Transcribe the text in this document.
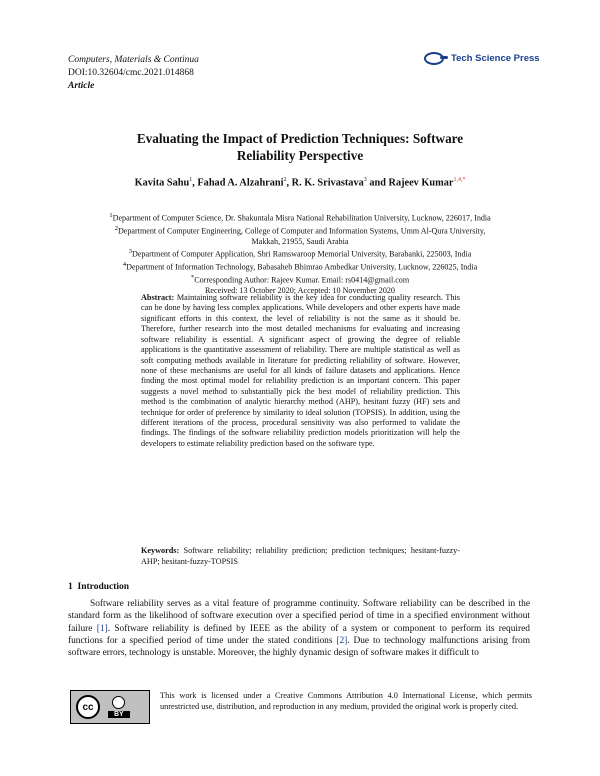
Computers, Materials & Continua
DOI:10.32604/cmc.2021.014868
Article
Tech Science Press
Evaluating the Impact of Prediction Techniques: Software
Reliability Perspective
Kavita Sahu$^1$, Fahad A. Alzahrani$^2$, R. K. Srivastava$^3$ and Rajeev Kumar$^{1,4,*}$
$^1$Department of Computer Science, Dr. Shakuntala Misra National Rehabilitation University, Lucknow, 226017, India
$^2$Department of Computer Engineering, College of Computer and Information Systems, Umm Al-Qura University,
Makkah, 21955, Saudi Arabia
$^3$Department of Computer Application, Shri Ramswaroop Memorial University, Barabanki, 225003, India
$^4$Department of Information Technology, Babasaheb Bhimrao Ambedkar University, Lucknow, 226025, India
*Corresponding Author: Rajeev Kumar. Email: rs0414@gmail.com
Received: 13 October 2020; Accepted: 10 November 2020
Abstract: Maintaining software reliability is the key idea for conducting quality research. This can be done by having less complex applications. While developers and other experts have made significant efforts in this context, the level of reliability is not the same as it should be. Therefore, further research into the most detailed mechanisms for evaluating and increasing software reliability is essential. A significant aspect of growing the degree of reliable applications is the quantitative assessment of reliability. There are multiple statistical as well as soft computing methods available in literature for predicting reliability of software. However, none of these mechanisms are useful for all kinds of failure datasets and applications. Hence finding the most optimal model for reliability prediction is an important concern. This paper suggests a novel method to substantially pick the best model of reliability prediction. This method is the combination of analytic hierarchy method (AHP), hesitant fuzzy (HF) sets and technique for order of preference by similarity to ideal solution (TOPSIS). In addition, using the different iterations of the process, procedural sensitivity was also performed to validate the findings. The findings of the software reliability prediction models prioritization will help the developers to estimate reliability prediction based on the software type.
Keywords: Software reliability; reliability prediction; prediction techniques; hesitant-fuzzy-AHP; hesitant-fuzzy-TOPSIS
1 Introduction
Software reliability serves as a vital feature of programme continuity. Software reliability can be described in the standard form as the likelihood of software execution over a specified period of time in a specified environment without failure [1]. Software reliability is defined by IEEE as the ability of a system or component to perform its required functions for a specified period of time under the stated conditions [2]. Due to technology malfunctions arising from software errors, technology is unstable. Moreover, the highly dynamic design of software makes it difficult to
cc
BY
This work is licensed under a Creative Commons Attribution 4.0 International License, which permits unrestricted use, distribution, and reproduction in any medium, provided the original work is properly cited.
